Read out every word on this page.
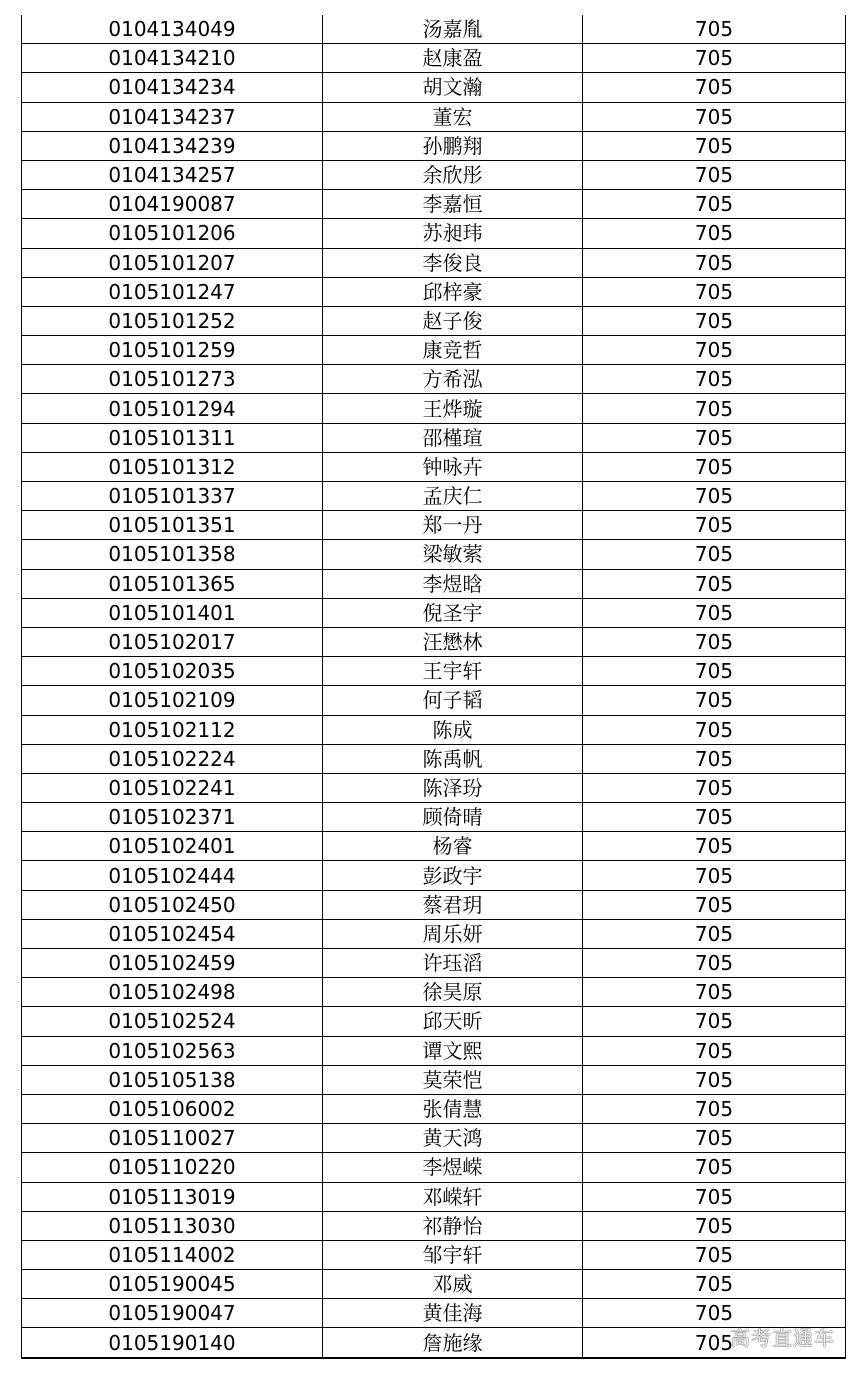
0104134049	汤嘉胤	705
0104134210	赵康盈	705
0104134234	胡文瀚	705
0104134237	董宏	705
0104134239	孙鹏翔	705
0104134257	余欣彤	705
0104190087	李嘉恒	705
0105101206	苏昶玮	705
0105101207	李俊良	705
0105101247	邱梓豪	705
0105101252	赵子俊	705
0105101259	康竞哲	705
0105101273	方希泓	705
0105101294	王烨璇	705
0105101311	邵槿瑄	705
0105101312	钟咏卉	705
0105101337	孟庆仁	705
0105101351	郑一丹	705
0105101358	梁敏萦	705
0105101365	李煜晗	705
0105101401	倪圣宇	705
0105102017	汪懋林	705
0105102035	王宇轩	705
0105102109	何子韬	705
0105102112	陈成	705
0105102224	陈禹帆	705
0105102241	陈泽玢	705
0105102371	顾倚晴	705
0105102401	杨睿	705
0105102444	彭政宇	705
0105102450	蔡君玥	705
0105102454	周乐妍	705
0105102459	许珏滔	705
0105102498	徐昊原	705
0105102524	邱天昕	705
0105102563	谭文熙	705
0105105138	莫荣恺	705
0105106002	张倩慧	705
0105110027	黄天鸿	705
0105110220	李煜嵘	705
0105113019	邓嵘轩	705
0105113030	祁静怡	705
0105114002	邹宇轩	705
0105190045	邓威	705
0105190047	黄佳海	705
0105190140	詹施缘	705
高考直通车
